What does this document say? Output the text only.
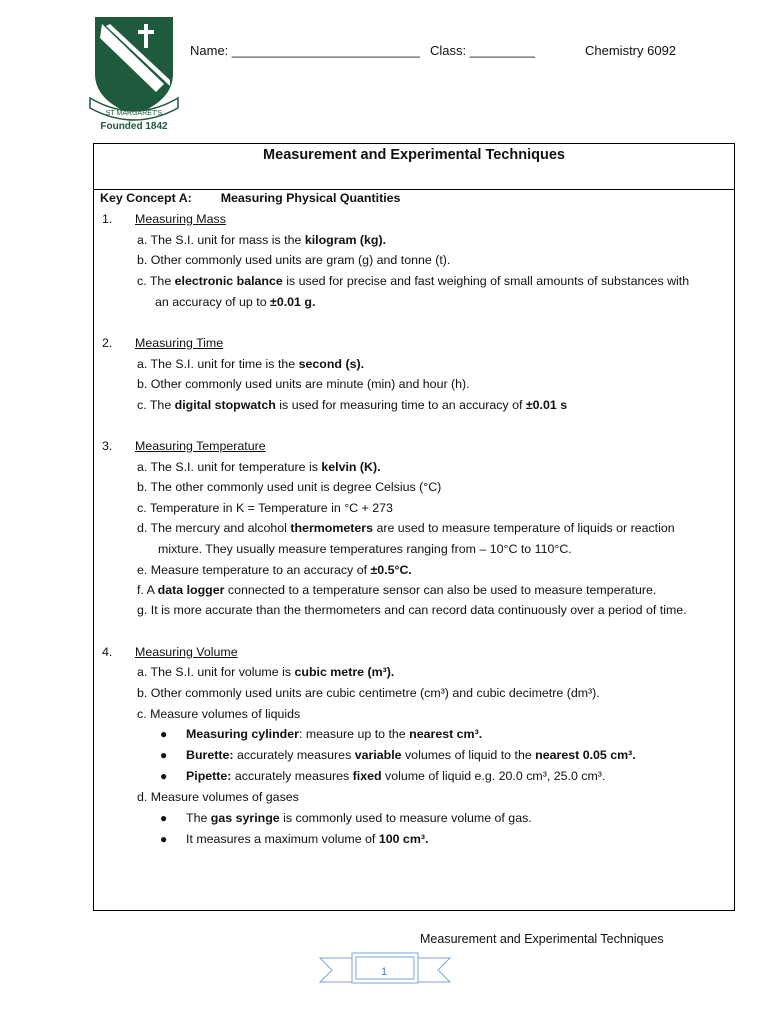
ST MARGARET'S
Founded 1842
Name: __________________________ Class: _________	Chemistry 6092
Measurement and Experimental Techniques
Key Concept A: Measuring Physical Quantities
1. Measuring Mass
a. The S.I. unit for mass is the kilogram (kg).
b. Other commonly used units are gram (g) and tonne (t).
c. The electronic balance is used for precise and fast weighing of small amounts of substances with
an accuracy of up to ±0.01 g.
2. Measuring Time
a. The S.I. unit for time is the second (s).
b. Other commonly used units are minute (min) and hour (h).
c. The digital stopwatch is used for measuring time to an accuracy of ±0.01 s
3. Measuring Temperature
a. The S.I. unit for temperature is kelvin (K).
b. The other commonly used unit is degree Celsius (°C)
c. Temperature in K = Temperature in °C + 273
d. The mercury and alcohol thermometers are used to measure temperature of liquids or reaction
mixture. They usually measure temperatures ranging from – 10°C to 110°C.
e. Measure temperature to an accuracy of ±0.5°C.
f. A data logger connected to a temperature sensor can also be used to measure temperature.
g. It is more accurate than the thermometers and can record data continuously over a period of time.
4. Measuring Volume
a. The S.I. unit for volume is cubic metre (m³).
b. Other commonly used units are cubic centimetre (cm³) and cubic decimetre (dm³).
c. Measure volumes of liquids
● Measuring cylinder: measure up to the nearest cm³.
● Burette: accurately measures variable volumes of liquid to the nearest 0.05 cm³.
● Pipette: accurately measures fixed volume of liquid e.g. 20.0 cm³, 25.0 cm³.
d. Measure volumes of gases
● The gas syringe is commonly used to measure volume of gas.
● It measures a maximum volume of 100 cm³.
Measurement and Experimental Techniques
1
